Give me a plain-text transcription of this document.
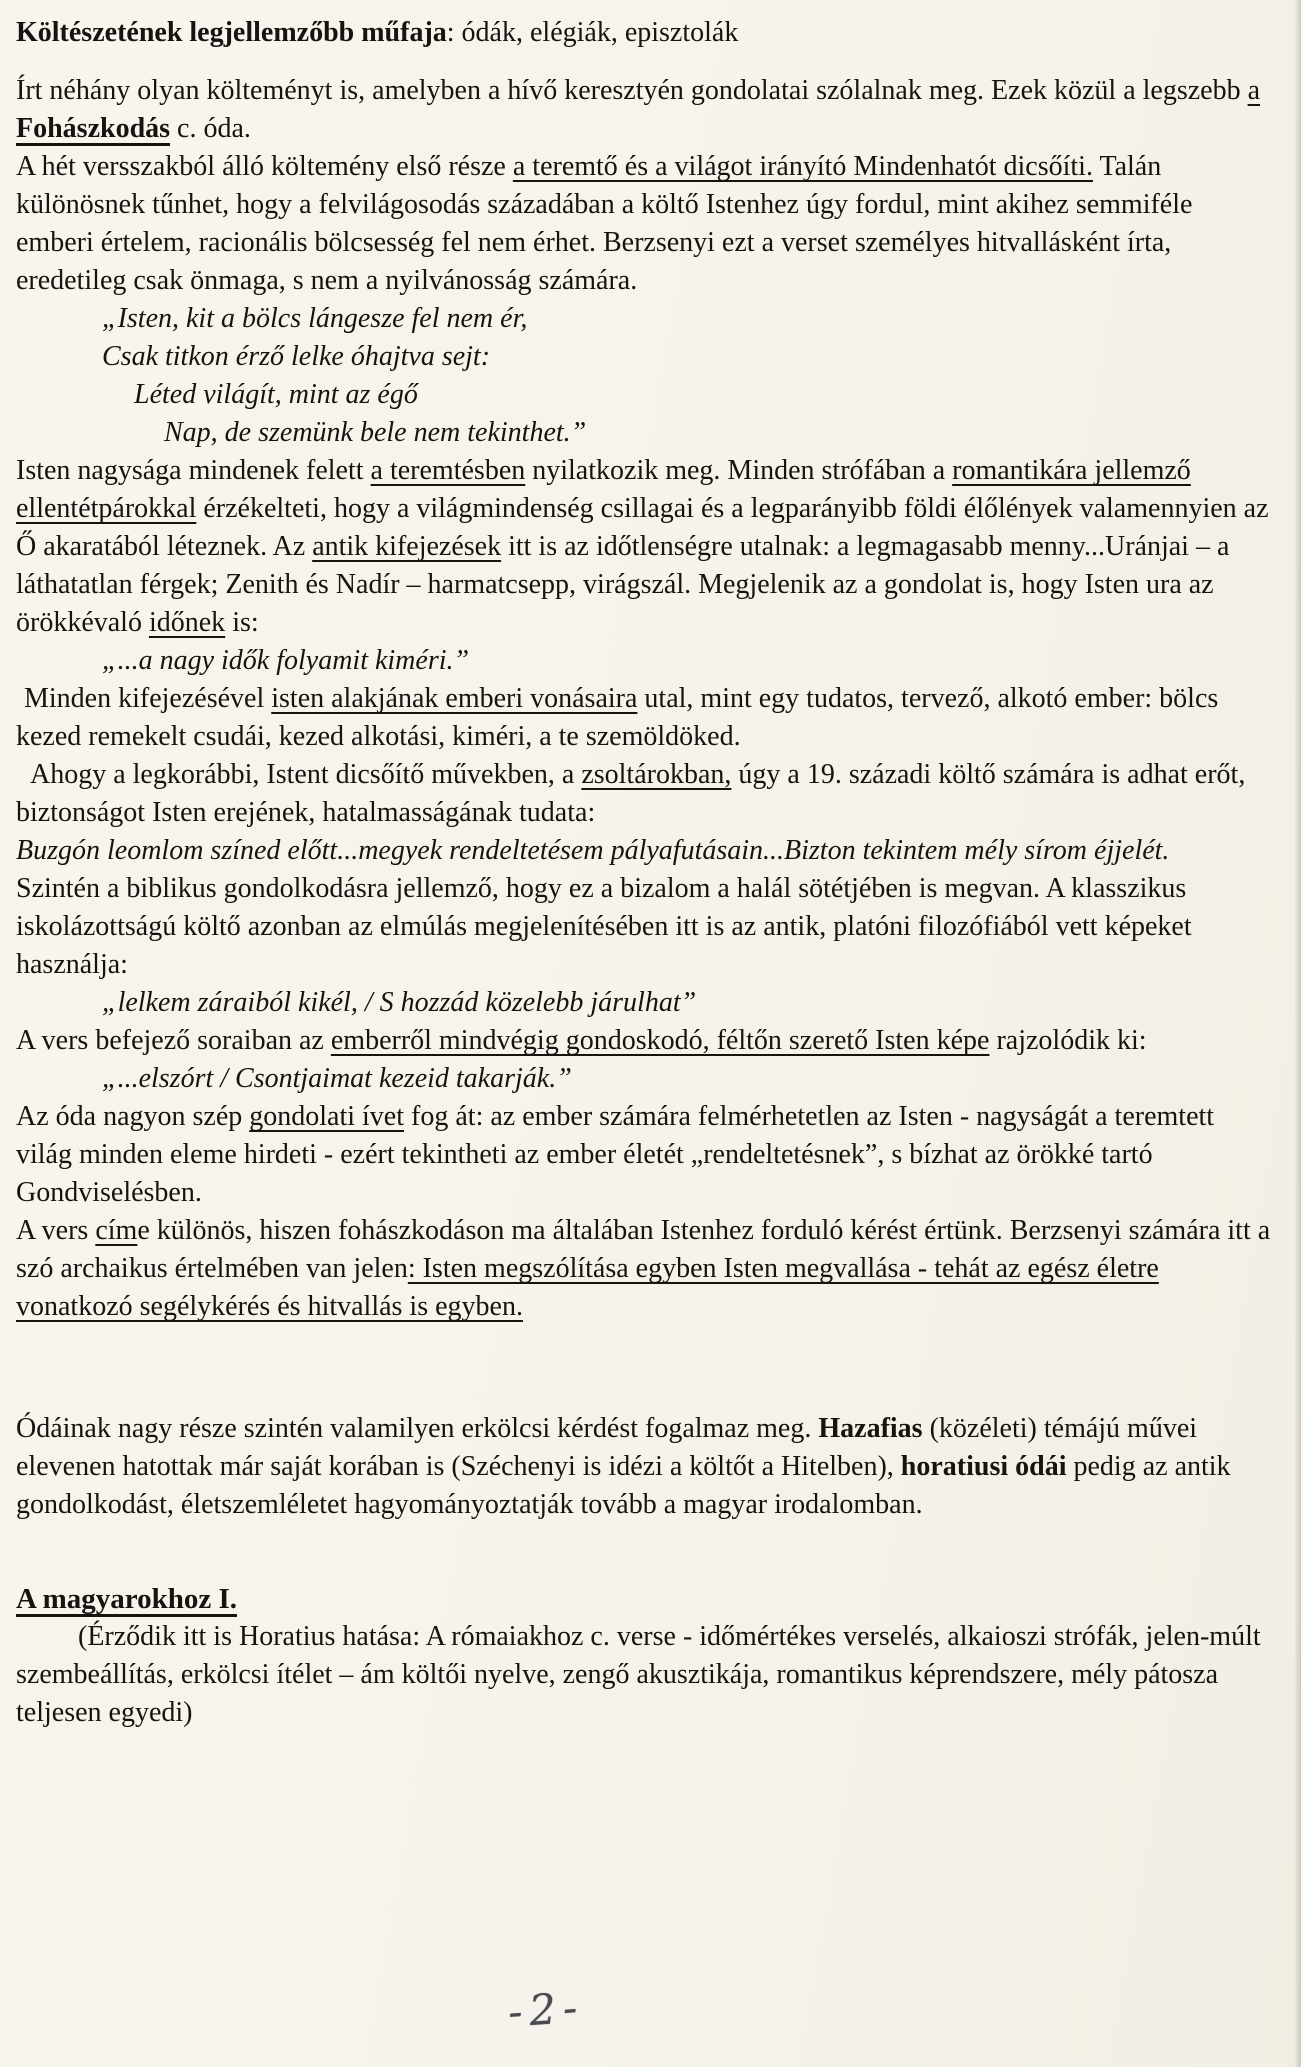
Költészetének legjellemzőbb műfaja: ódák, elégiák, episztolák

Írt néhány olyan költeményt is, amelyben a hívő keresztyén gondolatai szólalnak meg. Ezek közül a legszebb a Fohászkodás c. óda.

A hét versszakból álló költemény első része a teremtő és a világot irányító Mindenhatót dicsőíti. Talán különösnek tűnhet, hogy a felvilágosodás századában a költő Istenhez úgy fordul, mint akihez semmiféle emberi értelem, racionális bölcsesség fel nem érhet. Berzsenyi ezt a verset személyes hitvallásként írta, eredetileg csak önmaga, s nem a nyilvánosság számára.

„Isten, kit a bölcs lángesze fel nem ér,

Csak titkon érző lelke óhajtva sejt:

Léted világít, mint az égő

Nap, de szemünk bele nem tekinthet.”

Isten nagysága mindenek felett a teremtésben nyilatkozik meg. Minden strófában a romantikára jellemző ellentétpárokkal érzékelteti, hogy a világmindenség csillagai és a legparányibb földi élőlények valamennyien az Ő akaratából léteznek. Az antik kifejezések itt is az időtlenségre utalnak: a legmagasabb menny...Uránjai – a láthatatlan férgek; Zenith és Nadír – harmatcsepp, virágszál. Megjelenik az a gondolat is, hogy Isten ura az örökkévaló időnek is:

„...a nagy idők folyamit kiméri.”

Minden kifejezésével isten alakjának emberi vonásaira utal, mint egy tudatos, tervező, alkotó ember: bölcs kezed remekelt csudái, kezed alkotási, kiméri, a te szemöldöked.

Ahogy a legkorábbi, Istent dicsőítő művekben, a zsoltárokban, úgy a 19. századi költő számára is adhat erőt, biztonságot Isten erejének, hatalmasságának tudata:

Buzgón leomlom színed előtt...megyek rendeltetésem pályafutásain...Bizton tekintem mély sírom éjjelét.

Szintén a biblikus gondolkodásra jellemző, hogy ez a bizalom a halál sötétjében is megvan. A klasszikus iskolázottságú költő azonban az elmúlás megjelenítésében itt is az antik, platóni filozófiából vett képeket használja:

„lelkem záraiból kikél, / S hozzád közelebb járulhat”

A vers befejező soraiban az emberről mindvégig gondoskodó, féltőn szerető Isten képe rajzolódik ki:

„...elszórt / Csontjaimat kezeid takarják.”

Az óda nagyon szép gondolati ívet fog át: az ember számára felmérhetetlen az Isten - nagyságát a teremtett világ minden eleme hirdeti - ezért tekintheti az ember életét „rendeltetésnek”, s bízhat az örökké tartó Gondviselésben.

A vers címe különös, hiszen fohászkodáson ma általában Istenhez forduló kérést értünk. Berzsenyi számára itt a szó archaikus értelmében van jelen: Isten megszólítása egyben Isten megvallása - tehát az egész életre vonatkozó segélykérés és hitvallás is egyben.

Ódáinak nagy része szintén valamilyen erkölcsi kérdést fogalmaz meg. Hazafias (közéleti) témájú művei elevenen hatottak már saját korában is (Széchenyi is idézi a költőt a Hitelben), horatiusi ódái pedig az antik gondolkodást, életszemléletet hagyományoztatják tovább a magyar irodalomban.

A magyarokhoz I.

(Érződik itt is Horatius hatása: A rómaiakhoz c. verse - időmértékes verselés, alkaioszi strófák, jelen-múlt szembeállítás, erkölcsi ítélet – ám költői nyelve, zengő akusztikája, romantikus képrendszere, mély pátosza teljesen egyedi)

-2-
